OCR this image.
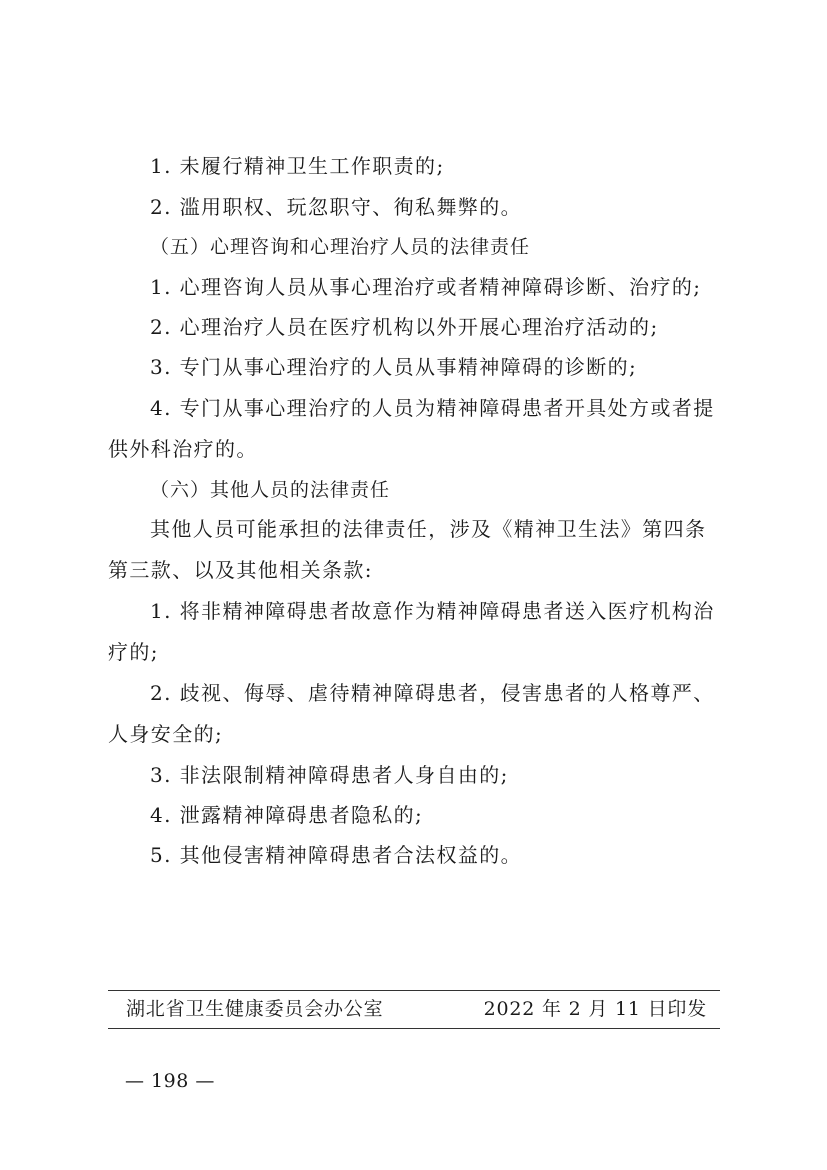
1. 未履行精神卫生工作职责的;

2. 滥用职权、玩忽职守、徇私舞弊的。

（五）心理咨询和心理治疗人员的法律责任

1. 心理咨询人员从事心理治疗或者精神障碍诊断、治疗的;

2. 心理治疗人员在医疗机构以外开展心理治疗活动的;

3. 专门从事心理治疗的人员从事精神障碍的诊断的;

4. 专门从事心理治疗的人员为精神障碍患者开具处方或者提供外科治疗的。

（六）其他人员的法律责任

其他人员可能承担的法律责任，涉及《精神卫生法》第四条第三款、以及其他相关条款:

1. 将非精神障碍患者故意作为精神障碍患者送入医疗机构治疗的;

2. 歧视、侮辱、虐待精神障碍患者，侵害患者的人格尊严、人身安全的;

3. 非法限制精神障碍患者人身自由的;

4. 泄露精神障碍患者隐私的;

5. 其他侵害精神障碍患者合法权益的。

湖北省卫生健康委员会办公室	2022 年 2 月 11 日印发
— 198 —
